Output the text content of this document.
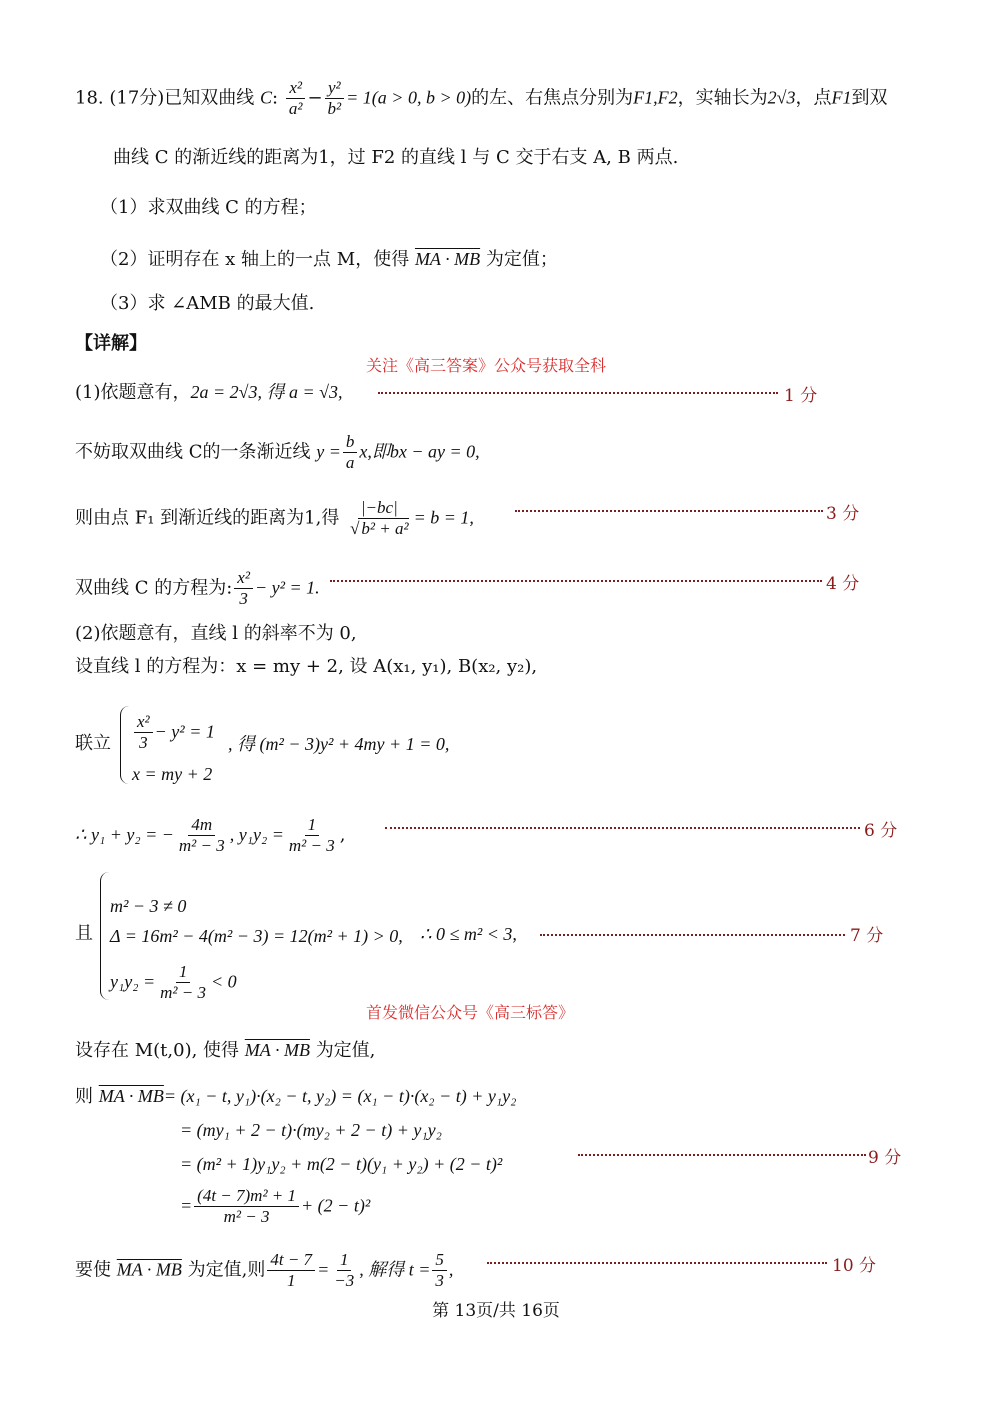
18. (17分)已知双曲线 C: $\frac{\text{x²}}{\text{a²}} - \frac{\text{y²}}{\text{b²}} = 1(a > 0$, b > 0)的左、右焦点分别为F1,F2，实轴长为2√3，点F1到双
曲线 C 的渐近线的距离为1，过 F2 的直线 l 与 C 交于右支 A, B 两点.
（1）求双曲线 C 的方程；
（2）证明存在 x 轴上的一点 M，使得 MA · MB 为定值；
（3）求 ∠AMB 的最大值.
【详解】
关注《高三答案》公众号获取全科
(1)依题意有，2a = 2√3, 得 a = √3,	1 分
不妨取双曲线 C的一条渐近线 $y = \frac{b}{a} x$,即bx − ay = 0,
则由点 F₁ 到渐近线的距离为1,得 $\frac{|-bc|}{\text{√ b² + a²}} = b = 1$,	3 分
双曲线 C 的方程为: $\frac{\text{x²}}{3} - y^2 = 1$.	4 分
(2)依题意有，直线 l 的斜率不为 0,
设直线 l 的方程为：x = my + 2, 设 A(x₁, y₁), B(x₂, y₂),
联立 $\frac{\text{x²}}{3} - y^2 = 1$
x = my + 2
, 得 (m² − 3)y² + 4my + 1 = 0,
∴ y₁ + y₂ = − $\frac{4m}{\text{m² − 3}}$ , $y_1y_2 = \frac{1}{\text{m² − 3}}$ ,	6 分
且
m² − 3 ≠ 0
Δ = 16m² − 4(m² − 3) = 12(m² + 1) > 0,
$y_1y_2 = \frac{1}{\text{m² − 3}} < 0$
∴ 0 ≤ m² < 3,	7 分
首发微信公众号《高三标答》
设存在 M(t,0), 使得 MA · MB 为定值,
则 MA · MB= (x₁ − t, y₁)·(x₂ − t, y₂) = (x₁ − t)·(x₂ − t) + y₁y₂
= (my₁ + 2 − t)·(my₂ + 2 − t) + y₁y₂
= (m² + 1)y₁y₂ + m(2 − t)(y₁ + y₂) + (2 − t)²	9 分
= $\frac{\text{(4t − 7)m² + 1}}{\text{m² − 3}} + (2 - t)^2$
要使 MA · MB 为定值,则 $\frac{4t - 7}{1} = \frac{1}{-3}$ , 解得 $t = \frac{5}{3}$ ,	10 分
第 13页/共 16页
